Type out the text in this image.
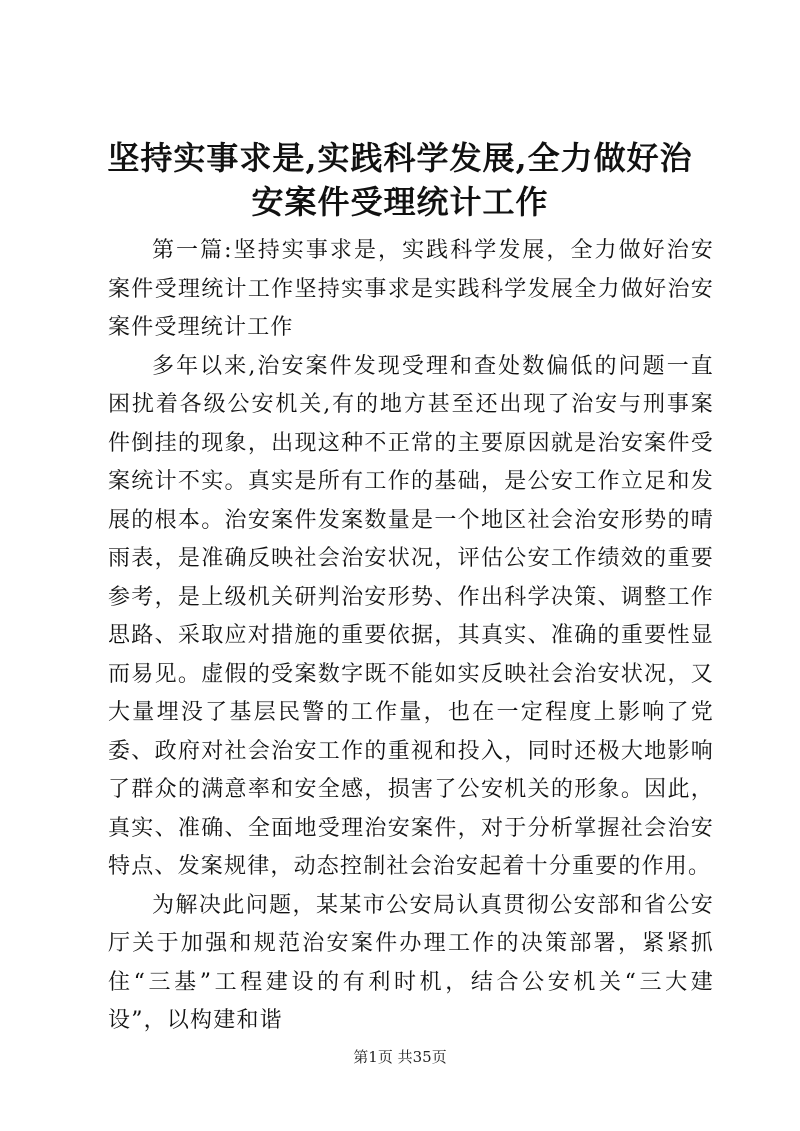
坚持实事求是,实践科学发展,全力做好治安案件受理统计工作

第一篇:坚持实事求是，实践科学发展，全力做好治安案件受理统计工作坚持实事求是实践科学发展全力做好治安案件受理统计工作

多年以来,治安案件发现受理和查处数偏低的问题一直困扰着各级公安机关,有的地方甚至还出现了治安与刑事案件倒挂的现象，出现这种不正常的主要原因就是治安案件受案统计不实。真实是所有工作的基础，是公安工作立足和发展的根本。治安案件发案数量是一个地区社会治安形势的晴雨表，是准确反映社会治安状况，评估公安工作绩效的重要参考，是上级机关研判治安形势、作出科学决策、调整工作思路、采取应对措施的重要依据，其真实、准确的重要性显而易见。虚假的受案数字既不能如实反映社会治安状况，又大量埋没了基层民警的工作量，也在一定程度上影响了党委、政府对社会治安工作的重视和投入，同时还极大地影响了群众的满意率和安全感，损害了公安机关的形象。因此，真实、准确、全面地受理治安案件，对于分析掌握社会治安特点、发案规律，动态控制社会治安起着十分重要的作用。

为解决此问题，某某市公安局认真贯彻公安部和省公安厅关于加强和规范治安案件办理工作的决策部署，紧紧抓住“三基”工程建设的有利时机，结合公安机关“三大建设”，以构建和谐

第1页 共35页
